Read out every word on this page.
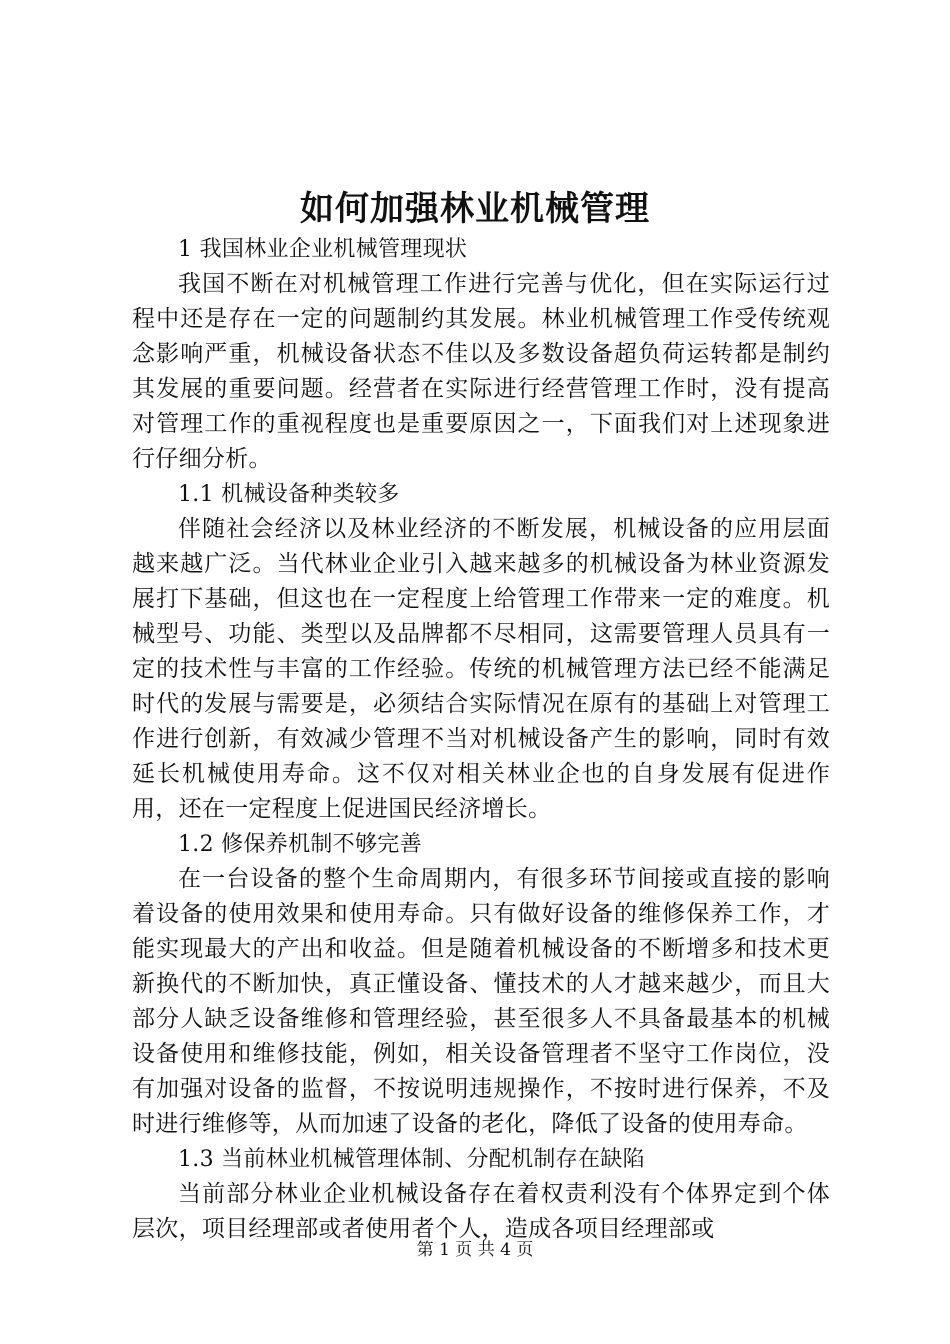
如何加强林业机械管理

1 我国林业企业机械管理现状

我国不断在对机械管理工作进行完善与优化，但在实际运行过程中还是存在一定的问题制约其发展。林业机械管理工作受传统观念影响严重，机械设备状态不佳以及多数设备超负荷运转都是制约其发展的重要问题。经营者在实际进行经营管理工作时，没有提高对管理工作的重视程度也是重要原因之一，下面我们对上述现象进行仔细分析。

1.1 机械设备种类较多

伴随社会经济以及林业经济的不断发展，机械设备的应用层面越来越广泛。当代林业企业引入越来越多的机械设备为林业资源发展打下基础，但这也在一定程度上给管理工作带来一定的难度。机械型号、功能、类型以及品牌都不尽相同，这需要管理人员具有一定的技术性与丰富的工作经验。传统的机械管理方法已经不能满足时代的发展与需要是，必须结合实际情况在原有的基础上对管理工作进行创新，有效减少管理不当对机械设备产生的影响，同时有效延长机械使用寿命。这不仅对相关林业企也的自身发展有促进作用，还在一定程度上促进国民经济增长。

1.2 修保养机制不够完善

在一台设备的整个生命周期内，有很多环节间接或直接的影响着设备的使用效果和使用寿命。只有做好设备的维修保养工作，才能实现最大的产出和收益。但是随着机械设备的不断增多和技术更新换代的不断加快，真正懂设备、懂技术的人才越来越少，而且大部分人缺乏设备维修和管理经验，甚至很多人不具备最基本的机械设备使用和维修技能，例如，相关设备管理者不坚守工作岗位，没有加强对设备的监督，不按说明违规操作，不按时进行保养，不及时进行维修等，从而加速了设备的老化，降低了设备的使用寿命。

1.3 当前林业机械管理体制、分配机制存在缺陷

当前部分林业企业机械设备存在着权责利没有个体界定到个体层次，项目经理部或者使用者个人，造成各项目经理部或

第 1 页 共 4 页
